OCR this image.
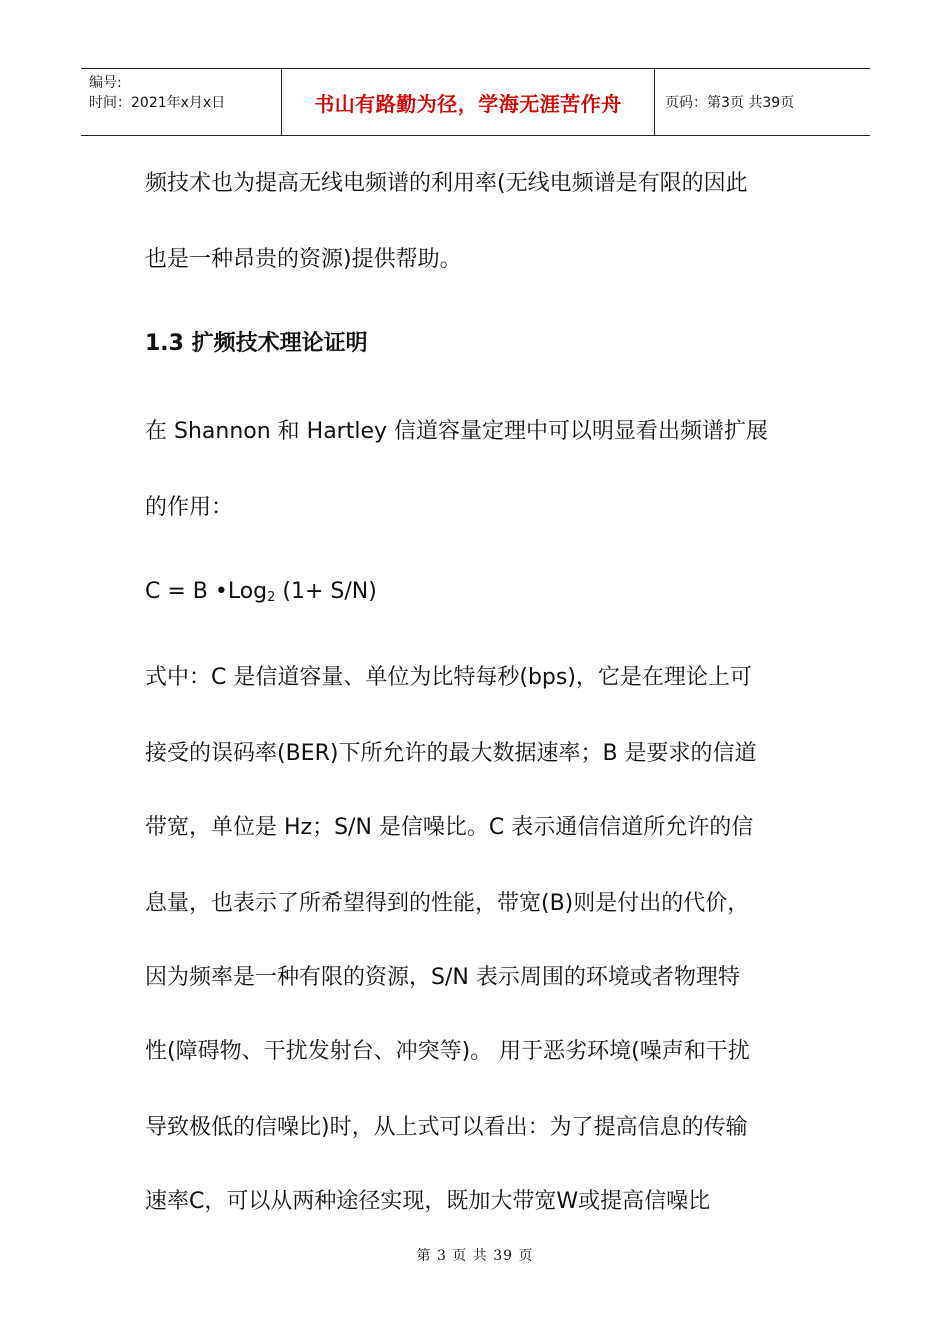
编号:
时间：2021年x月x日	书山有路勤为径，学海无涯苦作舟	页码：第3页 共39页
频技术也为提高无线电频谱的利用率(无线电频谱是有限的因此
也是一种昂贵的资源)提供帮助。
1.3 扩频技术理论证明
在 Shannon 和 Hartley 信道容量定理中可以明显看出频谱扩展
的作用：
C = B •Log$_2$ (1+ S/N)
式中：C 是信道容量、单位为比特每秒(bps)，它是在理论上可
接受的误码率(BER)下所允许的最大数据速率；B 是要求的信道
带宽，单位是 Hz；S/N 是信噪比。C 表示通信信道所允许的信
息量，也表示了所希望得到的性能，带宽(B)则是付出的代价，
因为频率是一种有限的资源，S/N 表示周围的环境或者物理特
性(障碍物、干扰发射台、冲突等)。 用于恶劣环境(噪声和干扰
导致极低的信噪比)时，从上式可以看出：为了提高信息的传输
速率C，可以从两种途径实现，既加大带宽W或提高信噪比
第 3 页 共 39 页
